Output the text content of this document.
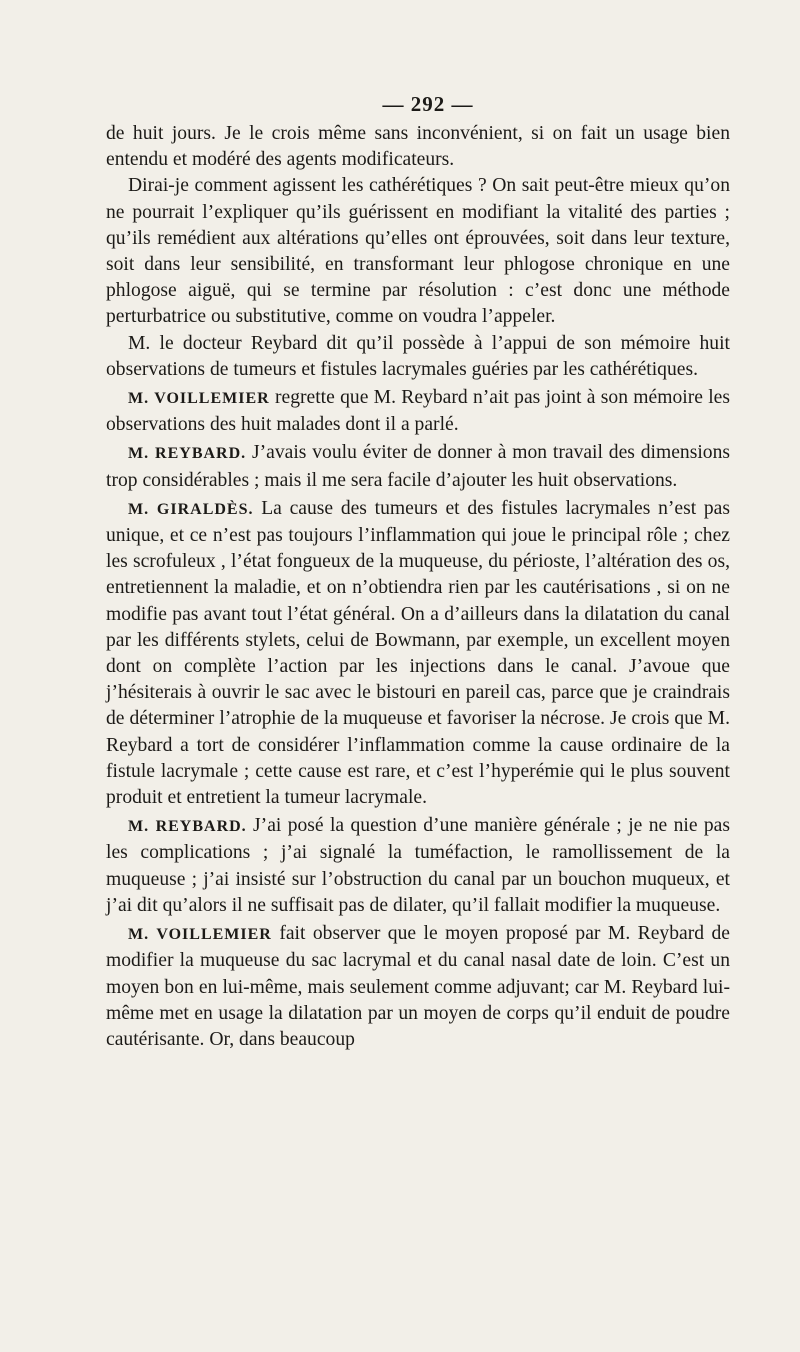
— 292 —

de huit jours. Je le crois même sans inconvénient, si on fait un usage bien entendu et modéré des agents modificateurs.

Dirai-je comment agissent les cathérétiques ? On sait peut-être mieux qu’on ne pourrait l’expliquer qu’ils guérissent en modifiant la vitalité des parties ; qu’ils remédient aux altérations qu’elles ont éprouvées, soit dans leur texture, soit dans leur sensibilité, en transformant leur phlogose chronique en une phlogose aiguë, qui se termine par résolution : c’est donc une méthode perturbatrice ou substitutive, comme on voudra l’appeler.

M. le docteur Reybard dit qu’il possède à l’appui de son mémoire huit observations de tumeurs et fistules lacrymales guéries par les cathérétiques.

M. VOILLEMIER regrette que M. Reybard n’ait pas joint à son mémoire les observations des huit malades dont il a parlé.

M. REYBARD. J’avais voulu éviter de donner à mon travail des dimensions trop considérables ; mais il me sera facile d’ajouter les huit observations.

M. GIRALDÈS. La cause des tumeurs et des fistules lacrymales n’est pas unique, et ce n’est pas toujours l’inflammation qui joue le principal rôle ; chez les scrofuleux , l’état fongueux de la muqueuse, du périoste, l’altération des os, entretiennent la maladie, et on n’obtiendra rien par les cautérisations , si on ne modifie pas avant tout l’état général. On a d’ailleurs dans la dilatation du canal par les différents stylets, celui de Bowmann, par exemple, un excellent moyen dont on complète l’action par les injections dans le canal. J’avoue que j’hésiterais à ouvrir le sac avec le bistouri en pareil cas, parce que je craindrais de déterminer l’atrophie de la muqueuse et favoriser la nécrose. Je crois que M. Reybard a tort de considérer l’inflammation comme la cause ordinaire de la fistule lacrymale ; cette cause est rare, et c’est l’hyperémie qui le plus souvent produit et entretient la tumeur lacrymale.

M. REYBARD. J’ai posé la question d’une manière générale ; je ne nie pas les complications ; j’ai signalé la tuméfaction, le ramollissement de la muqueuse ; j’ai insisté sur l’obstruction du canal par un bouchon muqueux, et j’ai dit qu’alors il ne suffisait pas de dilater, qu’il fallait modifier la muqueuse.

M. VOILLEMIER fait observer que le moyen proposé par M. Reybard de modifier la muqueuse du sac lacrymal et du canal nasal date de loin. C’est un moyen bon en lui-même, mais seulement comme adjuvant; car M. Reybard lui-même met en usage la dilatation par un moyen de corps qu’il enduit de poudre cautérisante. Or, dans beaucoup
